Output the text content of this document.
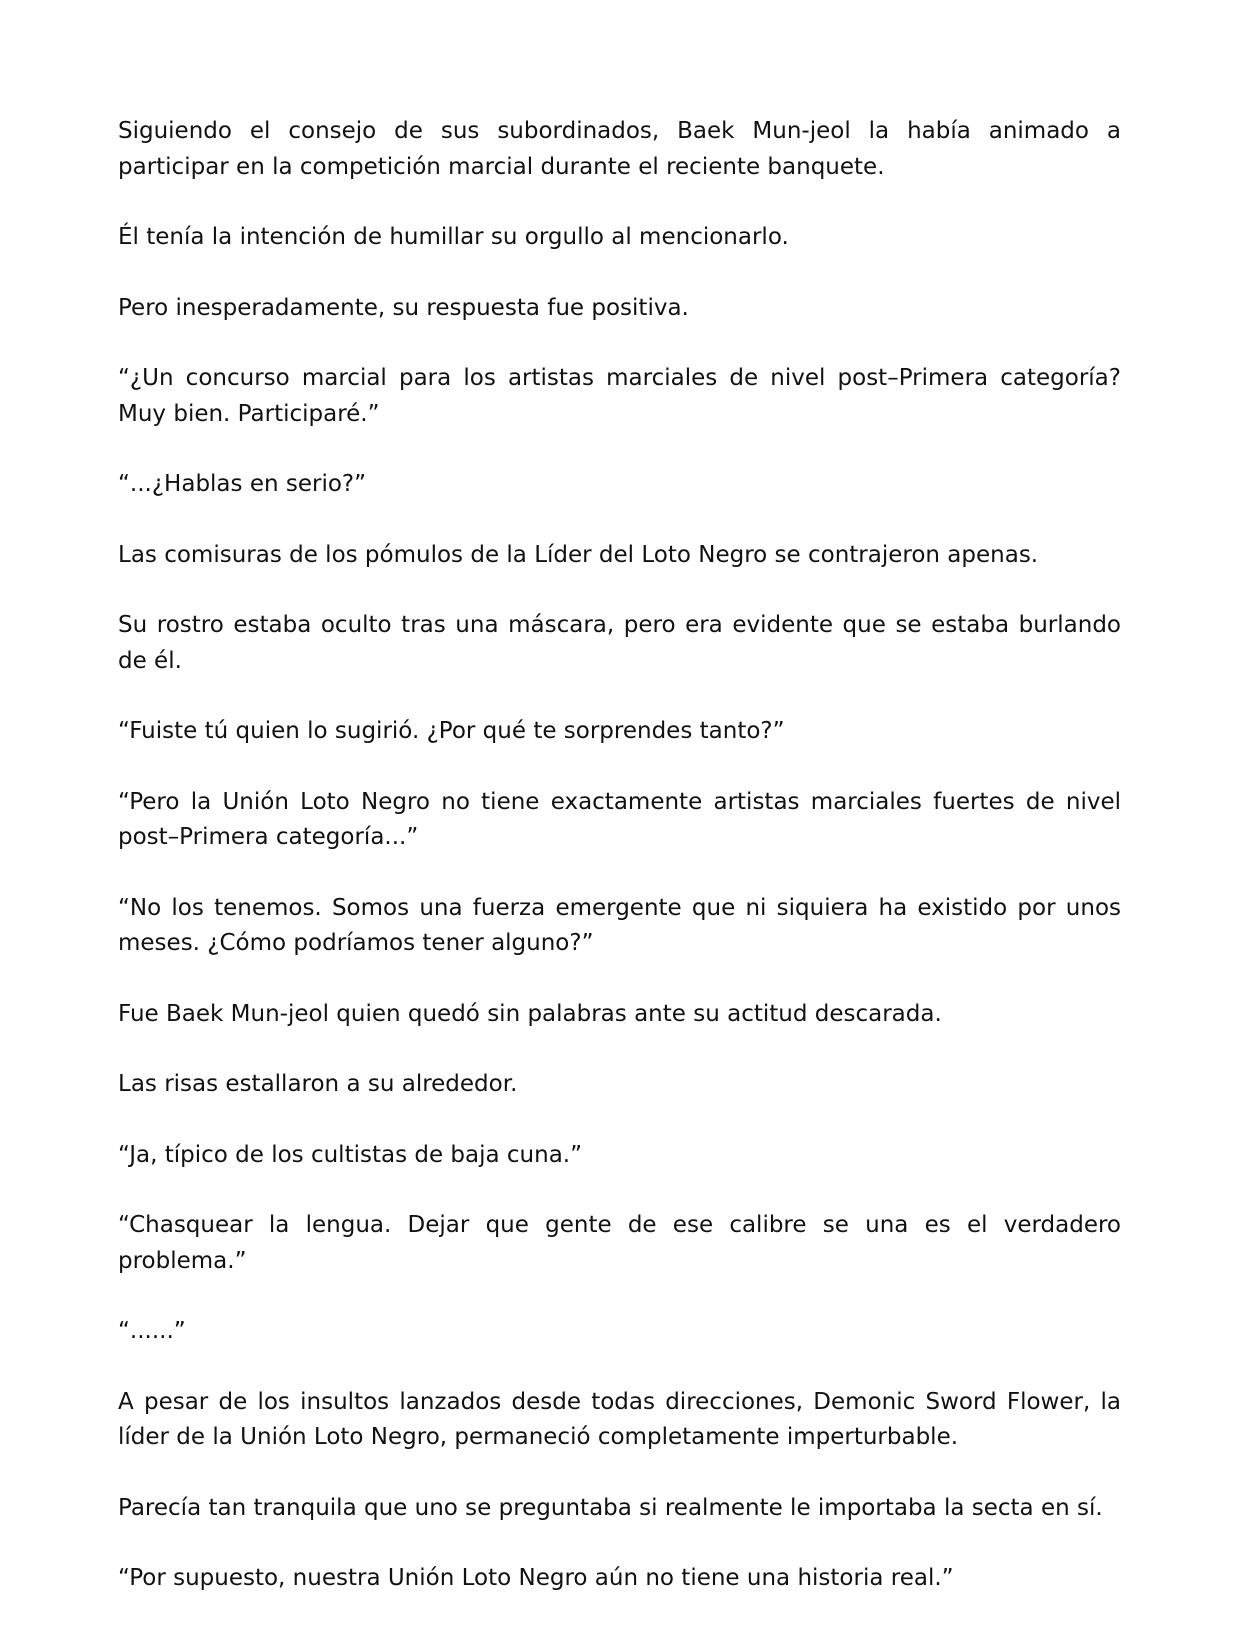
Siguiendo el consejo de sus subordinados, Baek Mun-jeol la había animado a participar en la competición marcial durante el reciente banquete.

Él tenía la intención de humillar su orgullo al mencionarlo.

Pero inesperadamente, su respuesta fue positiva.

“¿Un concurso marcial para los artistas marciales de nivel post–Primera categoría? Muy bien. Participaré.”

“...¿Hablas en serio?”

Las comisuras de los pómulos de la Líder del Loto Negro se contrajeron apenas.

Su rostro estaba oculto tras una máscara, pero era evidente que se estaba burlando de él.

“Fuiste tú quien lo sugirió. ¿Por qué te sorprendes tanto?”

“Pero la Unión Loto Negro no tiene exactamente artistas marciales fuertes de nivel post–Primera categoría...”

“No los tenemos. Somos una fuerza emergente que ni siquiera ha existido por unos meses. ¿Cómo podríamos tener alguno?”

Fue Baek Mun-jeol quien quedó sin palabras ante su actitud descarada.

Las risas estallaron a su alrededor.

“Ja, típico de los cultistas de baja cuna.”

“Chasquear la lengua. Dejar que gente de ese calibre se una es el verdadero problema.”

“......”

A pesar de los insultos lanzados desde todas direcciones, Demonic Sword Flower, la líder de la Unión Loto Negro, permaneció completamente imperturbable.

Parecía tan tranquila que uno se preguntaba si realmente le importaba la secta en sí.

“Por supuesto, nuestra Unión Loto Negro aún no tiene una historia real.”
